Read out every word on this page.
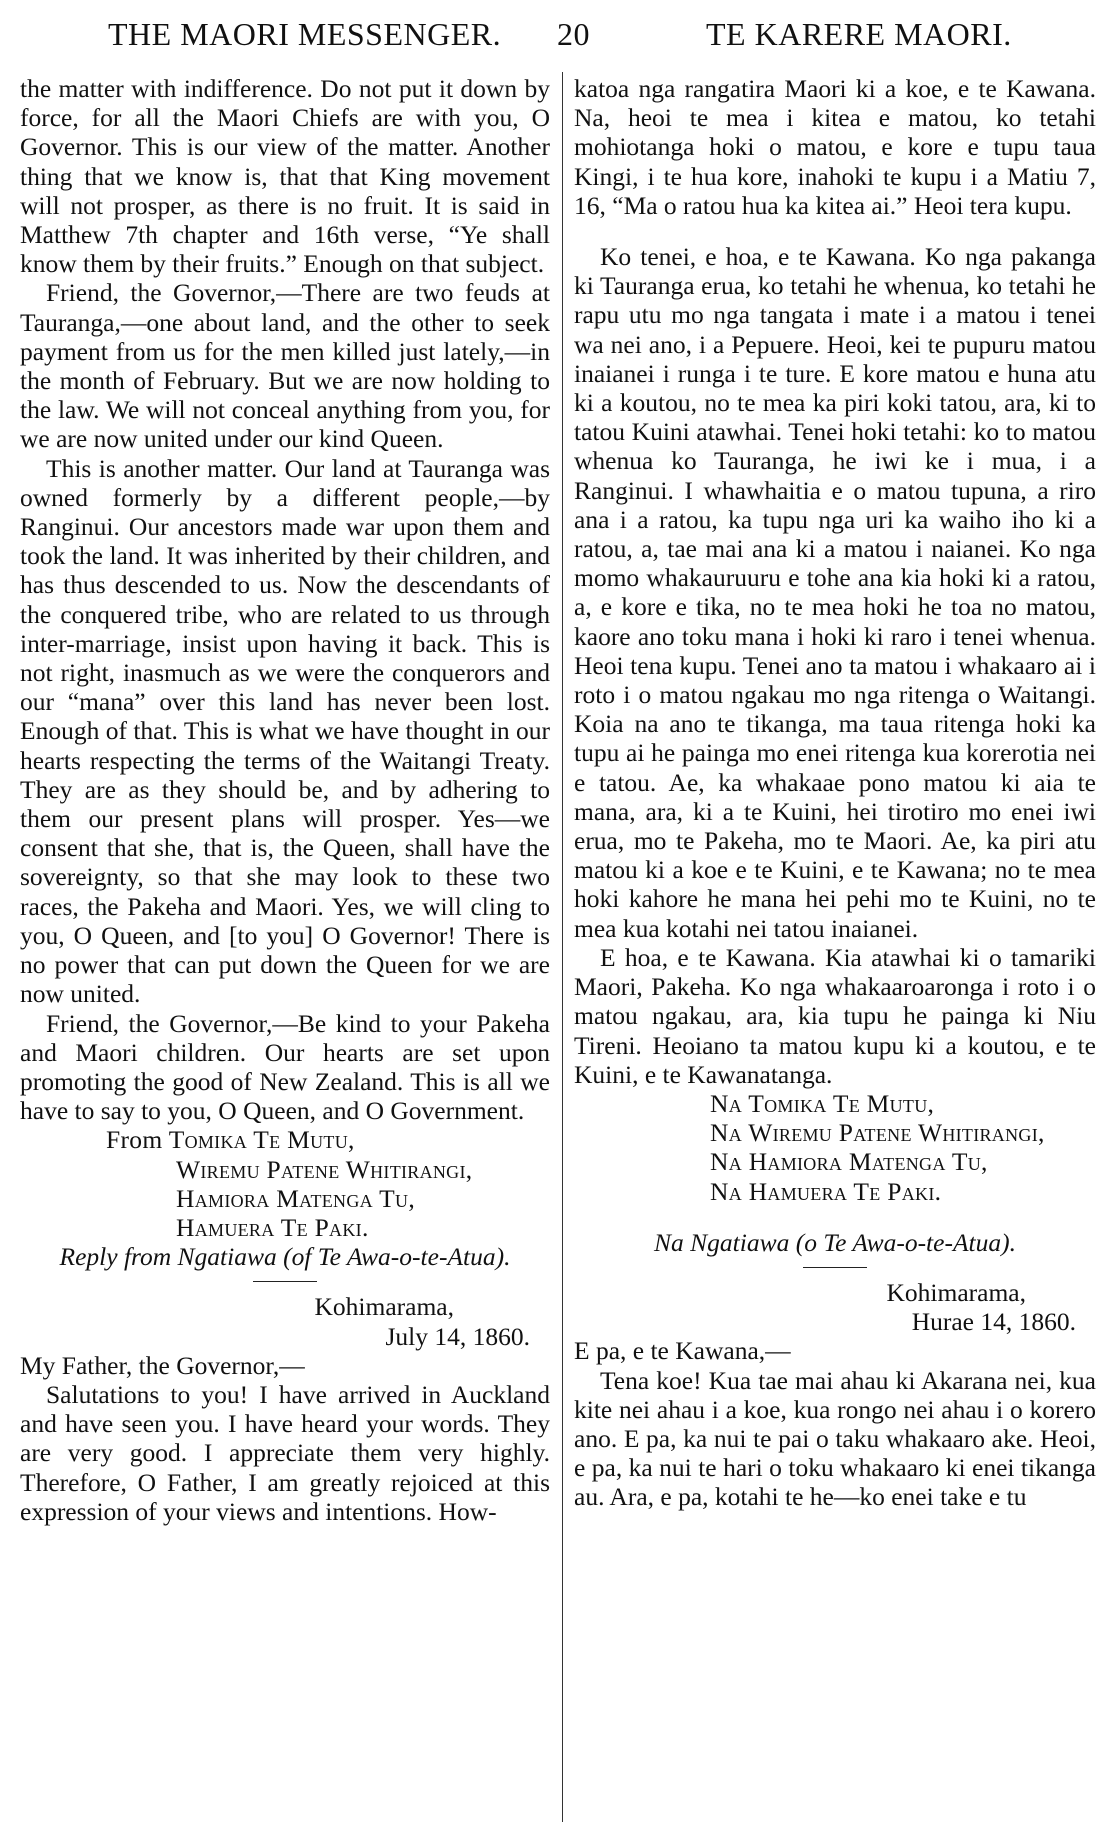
THE MAORI MESSENGER. 20	TE KARERE MAORI.

the matter with indifference. Do not put it down by force, for all the Maori Chiefs are with you, O Governor. This is our view of the matter. Another thing that we know is, that that King movement will not prosper, as there is no fruit. It is said in Matthew 7th chapter and 16th verse, “Ye shall know them by their fruits.” Enough on that subject.

Friend, the Governor,—There are two feuds at Tauranga,—one about land, and the other to seek payment from us for the men killed just lately,—in the month of February. But we are now holding to the law. We will not conceal anything from you, for we are now united under our kind Queen.

This is another matter. Our land at Tauranga was owned formerly by a different people,—by Ranginui. Our ancestors made war upon them and took the land. It was inherited by their children, and has thus descended to us. Now the descendants of the conquered tribe, who are related to us through inter-marriage, insist upon having it back. This is not right, inasmuch as we were the conquerors and our “mana” over this land has never been lost. Enough of that. This is what we have thought in our hearts respecting the terms of the Waitangi Treaty. They are as they should be, and by adhering to them our present plans will prosper. Yes—we consent that she, that is, the Queen, shall have the sovereignty, so that she may look to these two races, the Pakeha and Maori. Yes, we will cling to you, O Queen, and [to you] O Governor! There is no power that can put down the Queen for we are now united.

Friend, the Governor,—Be kind to your Pakeha and Maori children. Our hearts are set upon promoting the good of New Zealand. This is all we have to say to you, O Queen, and O Government.

From Tomika Te Mutu,

Wiremu Patene Whitirangi,

Hamiora Matenga Tu,

Hamuera Te Paki.

Reply from Ngatiawa (of Te Awa-o-te-Atua).

Kohimarama,

July 14, 1860.

My Father, the Governor,—

Salutations to you! I have arrived in Auckland and have seen you. I have heard your words. They are very good. I appreciate them very highly. Therefore, O Father, I am greatly rejoiced at this expression of your views and intentions. How-

katoa nga rangatira Maori ki a koe, e te Kawana. Na, heoi te mea i kitea e matou, ko tetahi mohiotanga hoki o matou, e kore e tupu taua Kingi, i te hua kore, inahoki te kupu i a Matiu 7, 16, “Ma o ratou hua ka kitea ai.” Heoi tera kupu.

Ko tenei, e hoa, e te Kawana. Ko nga pakanga ki Tauranga erua, ko tetahi he whenua, ko tetahi he rapu utu mo nga tangata i mate i a matou i tenei wa nei ano, i a Pepuere. Heoi, kei te pupuru matou inaianei i runga i te ture. E kore matou e huna atu ki a koutou, no te mea ka piri koki tatou, ara, ki to tatou Kuini atawhai. Tenei hoki tetahi: ko to matou whenua ko Tauranga, he iwi ke i mua, i a Ranginui. I whawhaitia e o matou tupuna, a riro ana i a ratou, ka tupu nga uri ka waiho iho ki a ratou, a, tae mai ana ki a matou i naianei. Ko nga momo whakauruuru e tohe ana kia hoki ki a ratou, a, e kore e tika, no te mea hoki he toa no matou, kaore ano toku mana i hoki ki raro i tenei whenua. Heoi tena kupu. Tenei ano ta matou i whakaaro ai i roto i o matou ngakau mo nga ritenga o Waitangi. Koia na ano te tikanga, ma taua ritenga hoki ka tupu ai he painga mo enei ritenga kua korerotia nei e tatou. Ae, ka whakaae pono matou ki aia te mana, ara, ki a te Kuini, hei tirotiro mo enei iwi erua, mo te Pakeha, mo te Maori. Ae, ka piri atu matou ki a koe e te Kuini, e te Kawana; no te mea hoki kahore he mana hei pehi mo te Kuini, no te mea kua kotahi nei tatou inaianei.

E hoa, e te Kawana. Kia atawhai ki o tamariki Maori, Pakeha. Ko nga whakaaroaronga i roto i o matou ngakau, ara, kia tupu he painga ki Niu Tireni. Heoiano ta matou kupu ki a koutou, e te Kuini, e te Kawanatanga.

Na Tomika Te Mutu,

Na Wiremu Patene Whitirangi,

Na Hamiora Matenga Tu,

Na Hamuera Te Paki.

Na Ngatiawa (o Te Awa-o-te-Atua).

Kohimarama,

Hurae 14, 1860.

E pa, e te Kawana,—

Tena koe! Kua tae mai ahau ki Akarana nei, kua kite nei ahau i a koe, kua rongo nei ahau i o korero ano. E pa, ka nui te pai o taku whakaaro ake. Heoi, e pa, ka nui te hari o toku whakaaro ki enei tikanga au. Ara, e pa, kotahi te he—ko enei take e tu
